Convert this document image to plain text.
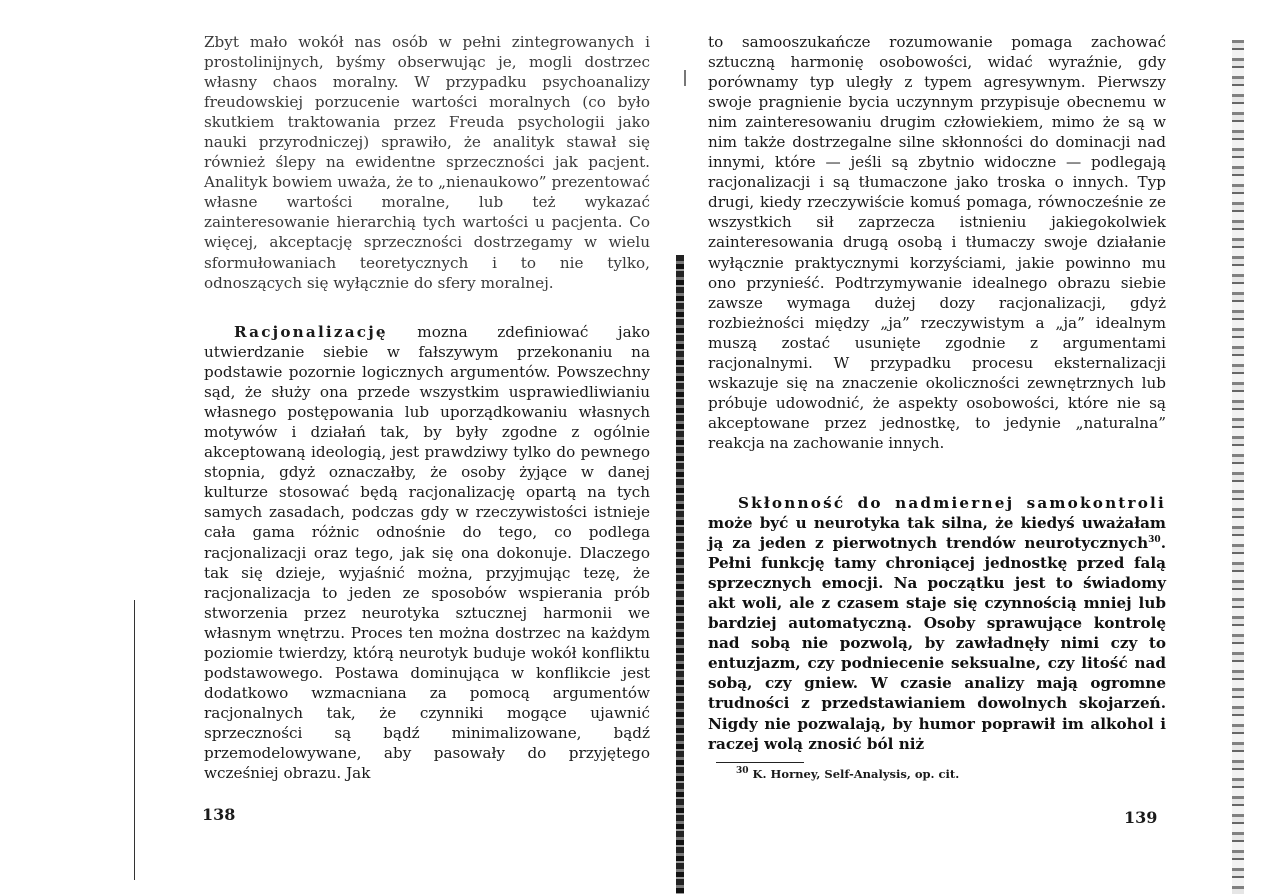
Zbyt mało wokół nas osób w pełni zintegrowanych i prostolinijnych, byśmy obserwując je, mogli dostrzec własny chaos moralny. W przypadku psychoanalizy freudowskiej porzucenie wartości moralnych (co było skutkiem traktowania przez Freuda psychologii jako nauki przyrodniczej) sprawiło, że analityk stawał się również ślepy na ewidentne sprzeczności jak pacjent. Analityk bowiem uważa, że to „nienaukowo” prezentować własne wartości moralne, lub też wykazać zainteresowanie hierarchią tych wartości u pacjenta. Co więcej, akceptację sprzeczności dostrzegamy w wielu sformułowaniach teoretycznych i to nie tylko, odnoszących się wyłącznie do sfery moralnej.

Racjonalizację mozna zdefiniować jako utwierdzanie siebie w fałszywym przekonaniu na podstawie pozornie logicznych argumentów. Powszechny sąd, że służy ona przede wszystkim usprawiedliwianiu własnego postępowania lub uporządkowaniu własnych motywów i działań tak, by były zgodne z ogólnie akceptowaną ideologią, jest prawdziwy tylko do pewnego stopnia, gdyż oznaczałby, że osoby żyjące w danej kulturze stosować będą racjonalizację opartą na tych samych zasadach, podczas gdy w rzeczywistości istnieje cała gama różnic odnośnie do tego, co podlega racjonalizacji oraz tego, jak się ona dokonuje. Dlaczego tak się dzieje, wyjaśnić można, przyjmując tezę, że racjonalizacja to jeden ze sposobów wspierania prób stworzenia przez neurotyka sztucznej harmonii we własnym wnętrzu. Proces ten można dostrzec na każdym poziomie twierdzy, którą neurotyk buduje wokół konfliktu podstawowego. Postawa dominująca w konflikcie jest dodatkowo wzmacniana za pomocą argumentów racjonalnych tak, że czynniki mogące ujawnić sprzeczności są bądź minimalizowane, bądź przemodelowywane, aby pasowały do przyjętego wcześniej obrazu. Jak

138

to samooszukańcze rozumowanie pomaga zachować sztuczną harmonię osobowości, widać wyraźnie, gdy porównamy typ uległy z typem agresywnym. Pierwszy swoje pragnienie bycia uczynnym przypisuje obecnemu w nim zainteresowaniu drugim człowiekiem, mimo że są w nim także dostrzegalne silne skłonności do dominacji nad innymi, które — jeśli są zbytnio widoczne — podlegają racjonalizacji i są tłumaczone jako troska o innych. Typ drugi, kiedy rzeczywiście komuś pomaga, równocześnie ze wszystkich sił zaprzecza istnieniu jakiegokolwiek zainteresowania drugą osobą i tłumaczy swoje działanie wyłącznie praktycznymi korzyściami, jakie powinno mu ono przynieść. Podtrzymywanie idealnego obrazu siebie zawsze wymaga dużej dozy racjonalizacji, gdyż rozbieżności między „ja” rzeczywistym a „ja” idealnym muszą zostać usunięte zgodnie z argumentami racjonalnymi. W przypadku procesu eksternalizacji wskazuje się na znaczenie okoliczności zewnętrznych lub próbuje udowodnić, że aspekty osobowości, które nie są akceptowane przez jednostkę, to jedynie „naturalna” reakcja na zachowanie innych.

Skłonność do nadmiernej samokontroli może być u neurotyka tak silna, że kiedyś uważałam ją za jeden z pierwotnych trendów neurotycznych$^{30}$. Pełni funkcję tamy chroniącej jednostkę przed falą sprzecznych emocji. Na początku jest to świadomy akt woli, ale z czasem staje się czynnością mniej lub bardziej automatyczną. Osoby sprawujące kontrolę nad sobą nie pozwolą, by zawładnęły nimi czy to entuzjazm, czy podniecenie seksualne, czy litość nad sobą, czy gniew. W czasie analizy mają ogromne trudności z przedstawianiem dowolnych skojarzeń. Nigdy nie pozwalają, by humor poprawił im alkohol i raczej wolą znosić ból niż

$^{30}$ K. Horney, Self-Analysis, op. cit.
139
